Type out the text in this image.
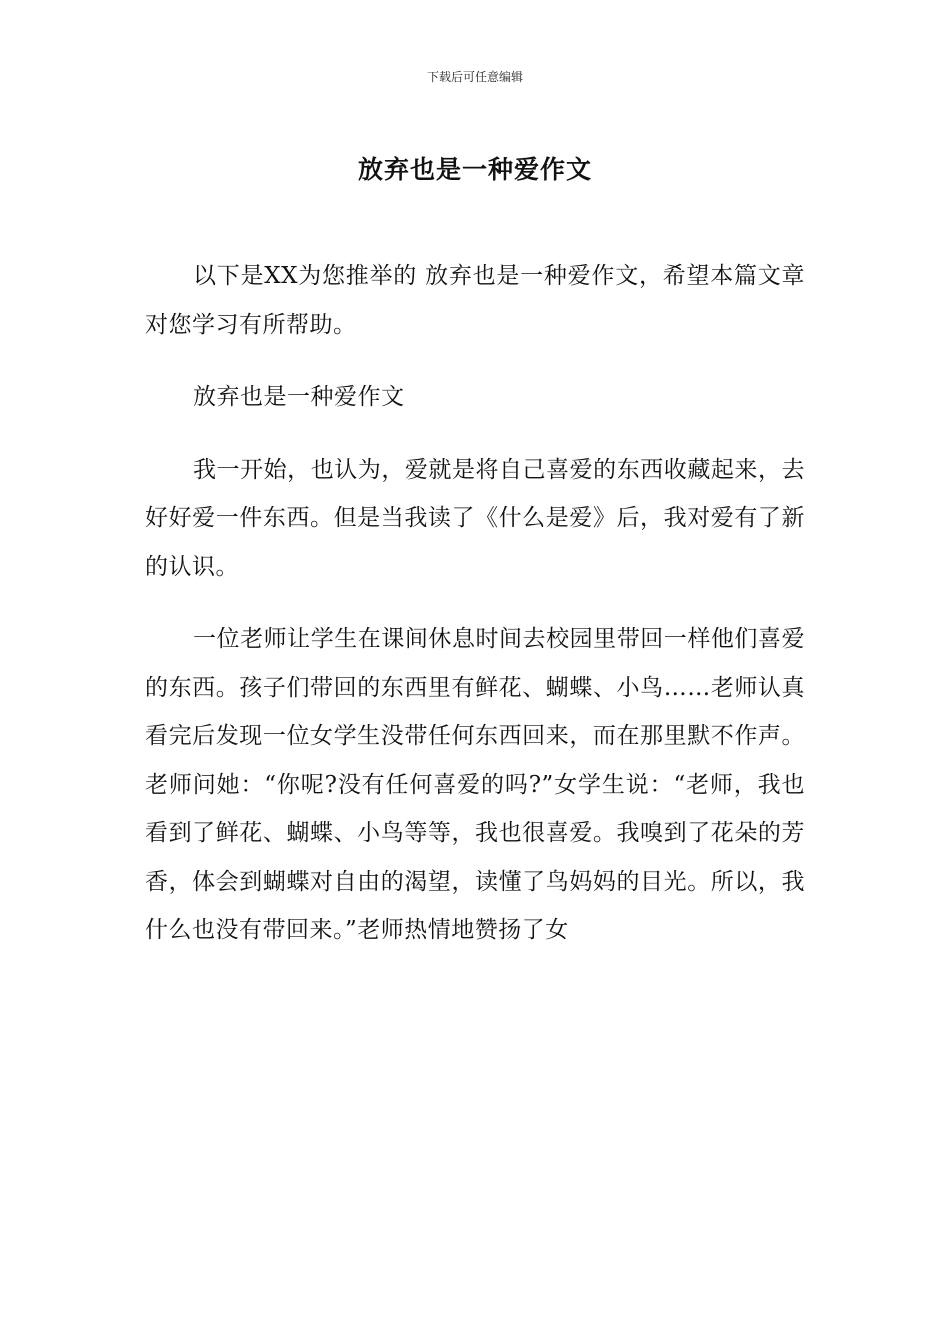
下载后可任意编辑
放弃也是一种爱作文

以下是XX为您推举的 放弃也是一种爱作文，希望本篇文章对您学习有所帮助。

放弃也是一种爱作文

我一开始，也认为，爱就是将自己喜爱的东西收藏起来，去好好爱一件东西。但是当我读了《什么是爱》后，我对爱有了新的认识。

一位老师让学生在课间休息时间去校园里带回一样他们喜爱的东西。孩子们带回的东西里有鲜花、蝴蝶、小鸟……老师认真看完后发现一位女学生没带任何东西回来，而在那里默不作声。老师问她：“你呢?没有任何喜爱的吗?”女学生说：“老师，我也看到了鲜花、蝴蝶、小鸟等等，我也很喜爱。我嗅到了花朵的芳香，体会到蝴蝶对自由的渴望，读懂了鸟妈妈的目光。所以，我什么也没有带回来。”老师热情地赞扬了女
